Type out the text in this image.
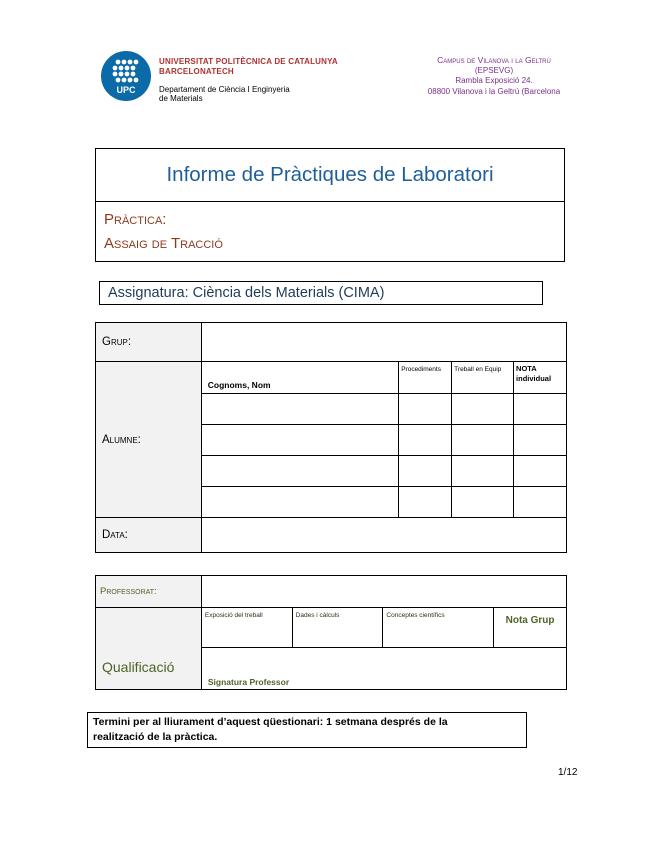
UPC
UNIVERSITAT POLITÈCNICA DE CATALUNYA
BARCELONATECH
Departament de Ciència I Enginyeria
de Materials
Campus de Vilanova i la Geltrú
(EPSEVG)
Rambla Exposició 24.
08800 Vilanova i la Geltrú (Barcelona
Informe de Pràctiques de Laboratori
Pràctica:
Assaig de Tracció
Assignatura: Ciència dels Materials (CIMA)
Grup:				
Alumne:	Cognoms, Nom	Procediments	Treball en Equip	NOTA
individual

Data:				
Professorat:				
Qualificació	Exposició del treball	Dades i càlculs	Conceptes científics	Nota Grup
	Signatura Professor			
Termini per al lliurament d’aquest qüestionari: 1 setmana després de la
realització de la pràctica.
1/12
